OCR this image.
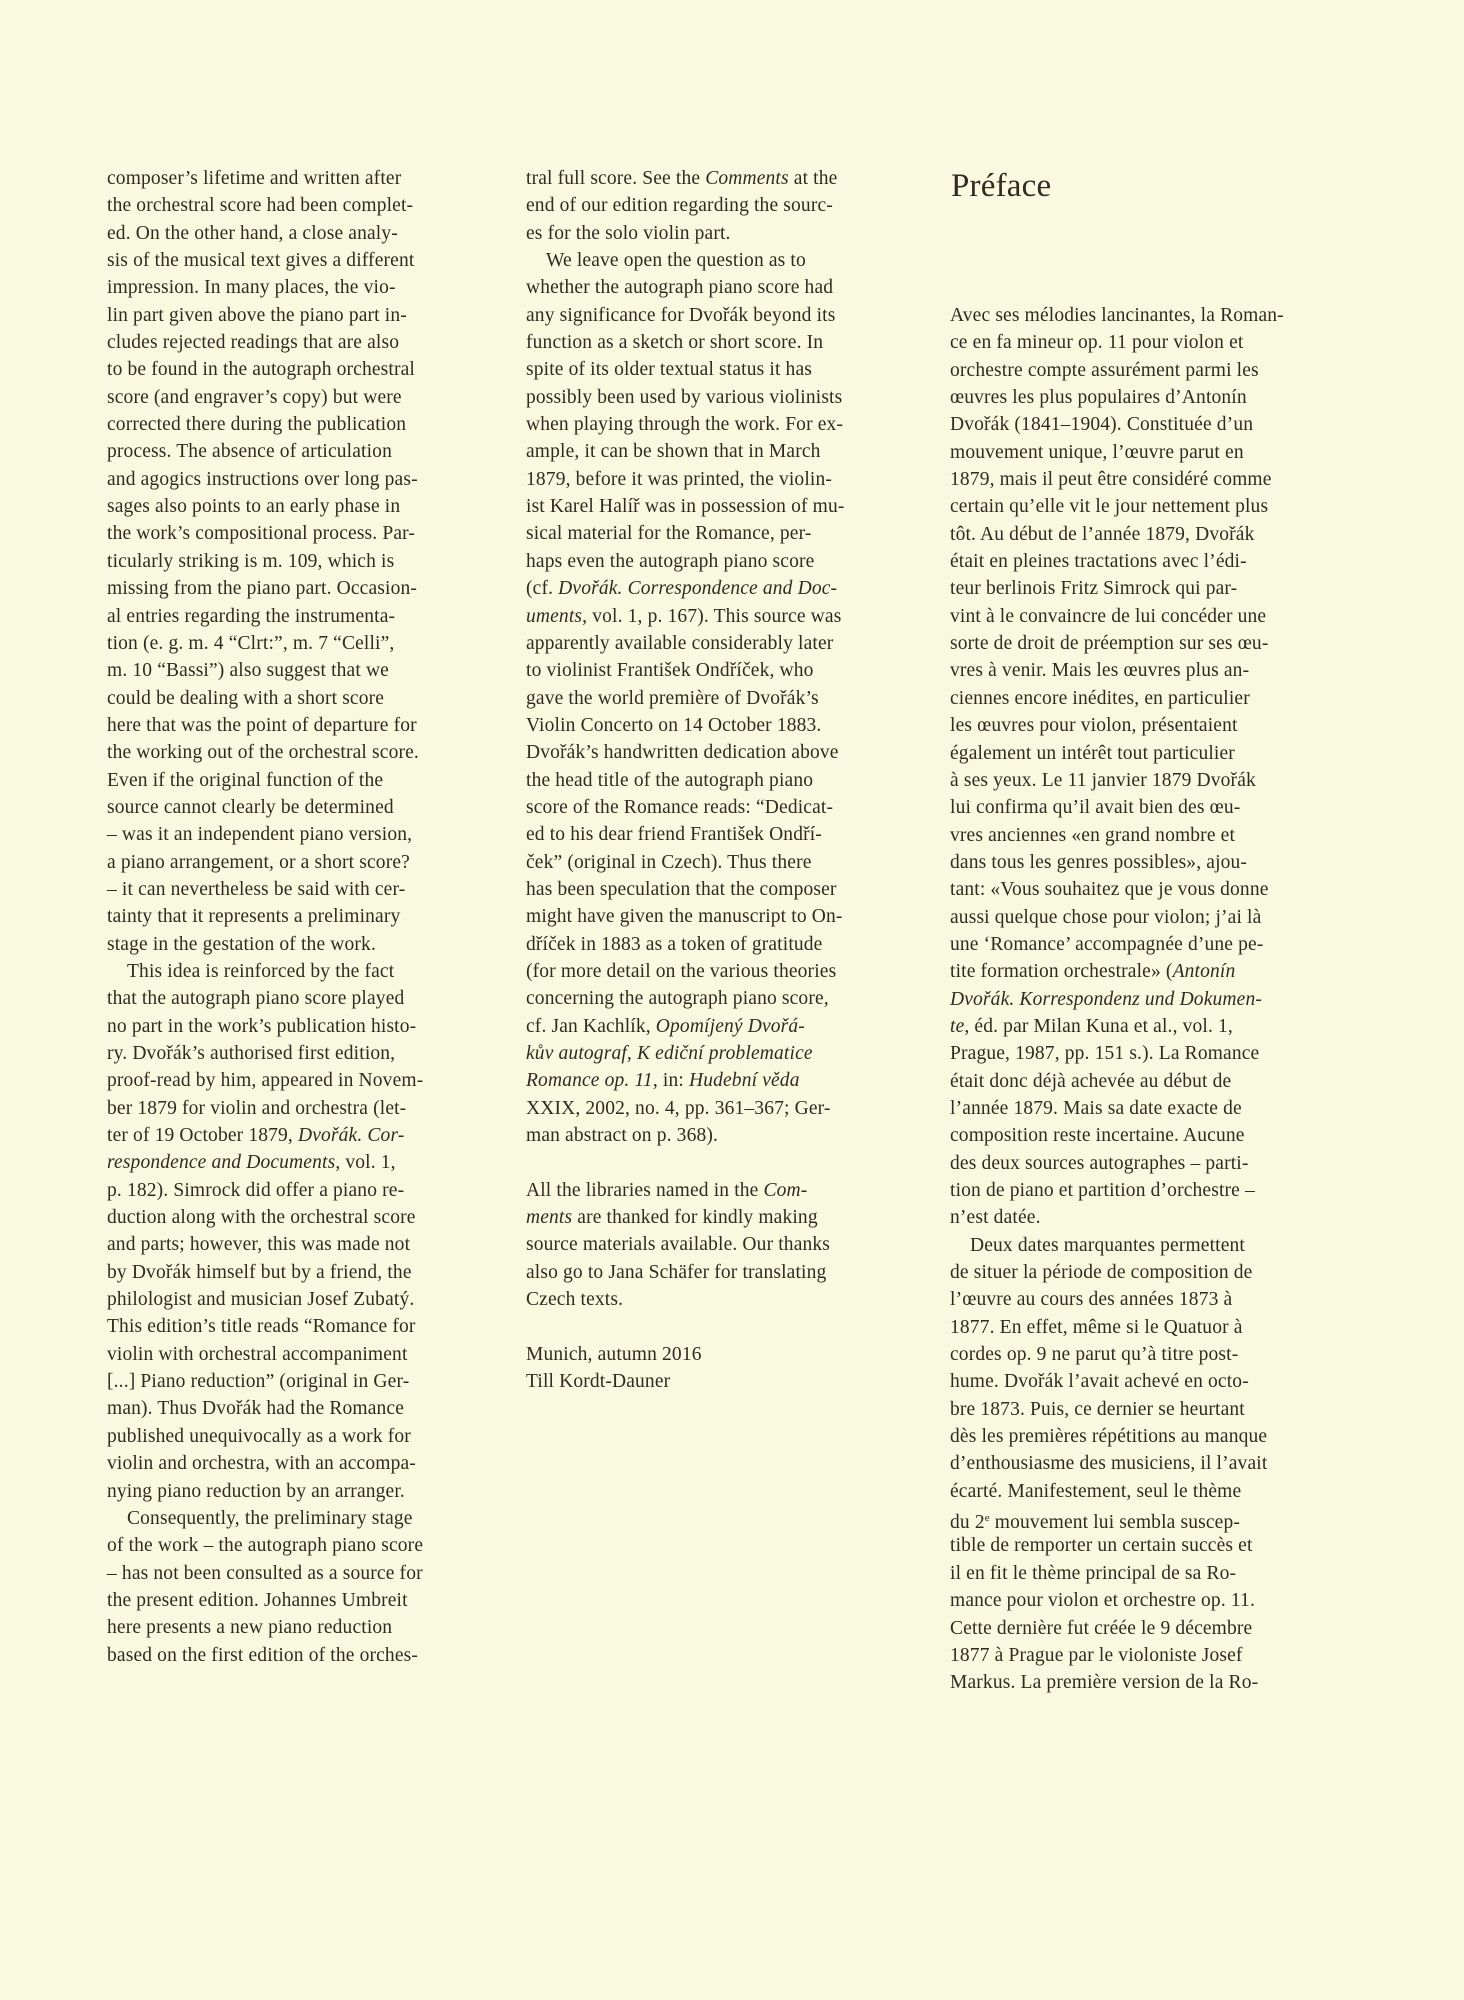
composer’s lifetime and written after
the orchestral score had been complet-
ed. On the other hand, a close analy-
sis of the musical text gives a different
impression. In many places, the vio-
lin part given above the piano part in-
cludes rejected readings that are also
to be found in the autograph orchestral
score (and engraver’s copy) but were
corrected there during the publication
process. The absence of articulation
and agogics instructions over long pas-
sages also points to an early phase in
the work’s compositional process. Par-
ticularly striking is m. 109, which is
missing from the piano part. Occasion-
al entries regarding the instrumenta-
tion (e. g. m. 4 “Clrt:”, m. 7 “Celli”,
m. 10 “Bassi”) also suggest that we
could be dealing with a short score
here that was the point of departure for
the working out of the orchestral score.
Even if the original function of the
source cannot clearly be determined
– was it an independent piano version,
a piano arrangement, or a short score?
– it can nevertheless be said with cer-
tainty that it represents a preliminary
stage in the gestation of the work.
This idea is reinforced by the fact
that the autograph piano score played
no part in the work’s publication histo-
ry. Dvořák’s authorised first edition,
proof-read by him, appeared in Novem-
ber 1879 for violin and orchestra (let-
ter of 19 October 1879, Dvořák. Cor-
respondence and Documents, vol. 1,
p. 182). Simrock did offer a piano re-
duction along with the orchestral score
and parts; however, this was made not
by Dvořák himself but by a friend, the
philologist and musician Josef Zubatý.
This edition’s title reads “Romance for
violin with orchestral accompaniment
[...] Piano reduction” (original in Ger-
man). Thus Dvořák had the Romance
published unequivocally as a work for
violin and orchestra, with an accompa-
nying piano reduction by an arranger.
Consequently, the preliminary stage
of the work – the autograph piano score
– has not been consulted as a source for
the present edition. Johannes Umbreit
here presents a new piano reduction
based on the first edition of the orches-
tral full score. See the Comments at the
end of our edition regarding the sourc-
es for the solo violin part.
We leave open the question as to
whether the autograph piano score had
any significance for Dvořák beyond its
function as a sketch or short score. In
spite of its older textual status it has
possibly been used by various violinists
when playing through the work. For ex-
ample, it can be shown that in March
1879, before it was printed, the violin-
ist Karel Halíř was in possession of mu-
sical material for the Romance, per-
haps even the autograph piano score
(cf. Dvořák. Correspondence and Doc-
uments, vol. 1, p. 167). This source was
apparently available considerably later
to violinist František Ondříček, who
gave the world première of Dvořák’s
Violin Concerto on 14 October 1883.
Dvořák’s handwritten dedication above
the head title of the autograph piano
score of the Romance reads: “Dedicat-
ed to his dear friend František Ondří-
ček” (original in Czech). Thus there
has been speculation that the composer
might have given the manuscript to On-
dříček in 1883 as a token of gratitude
(for more detail on the various theories
concerning the autograph piano score,
cf. Jan Kachlík, Opomíjený Dvořá-
kův autograf, K ediční problematice
Romance op. 11, in: Hudební věda
XXIX, 2002, no. 4, pp. 361–367; Ger-
man abstract on p. 368).
All the libraries named in the Com-
ments are thanked for kindly making
source materials available. Our thanks
also go to Jana Schäfer for translating
Czech texts.
Munich, autumn 2016
Till Kordt-Dauner
Préface
Avec ses mélodies lancinantes, la Roman-
ce en fa mineur op. 11 pour violon et
orchestre compte assurément parmi les
œuvres les plus populaires d’Antonín
Dvořák (1841–1904). Constituée d’un
mouvement unique, l’œuvre parut en
1879, mais il peut être considéré comme
certain qu’elle vit le jour nettement plus
tôt. Au début de l’année 1879, Dvořák
était en pleines tractations avec l’édi-
teur berlinois Fritz Simrock qui par-
vint à le convaincre de lui concéder une
sorte de droit de préemption sur ses œu-
vres à venir. Mais les œuvres plus an-
ciennes encore inédites, en particulier
les œuvres pour violon, présentaient
également un intérêt tout particulier
à ses yeux. Le 11 janvier 1879 Dvořák
lui confirma qu’il avait bien des œu-
vres anciennes «en grand nombre et
dans tous les genres possibles», ajou-
tant: «Vous souhaitez que je vous donne
aussi quelque chose pour violon; j’ai là
une ‘Romance’ accompagnée d’une pe-
tite formation orchestrale» (Antonín
Dvořák. Korrespondenz und Dokumen-
te, éd. par Milan Kuna et al., vol. 1,
Prague, 1987, pp. 151 s.). La Romance
était donc déjà achevée au début de
l’année 1879. Mais sa date exacte de
composition reste incertaine. Aucune
des deux sources autographes – parti-
tion de piano et partition d’orchestre –
n’est datée.
Deux dates marquantes permettent
de situer la période de composition de
l’œuvre au cours des années 1873 à
1877. En effet, même si le Quatuor à
cordes op. 9 ne parut qu’à titre post-
hume. Dvořák l’avait achevé en octo-
bre 1873. Puis, ce dernier se heurtant
dès les premières répétitions au manque
d’enthousiasme des musiciens, il l’avait
écarté. Manifestement, seul le thème
du 2e mouvement lui sembla suscep-
tible de remporter un certain succès et
il en fit le thème principal de sa Ro-
mance pour violon et orchestre op. 11.
Cette dernière fut créée le 9 décembre
1877 à Prague par le violoniste Josef
Markus. La première version de la Ro-
